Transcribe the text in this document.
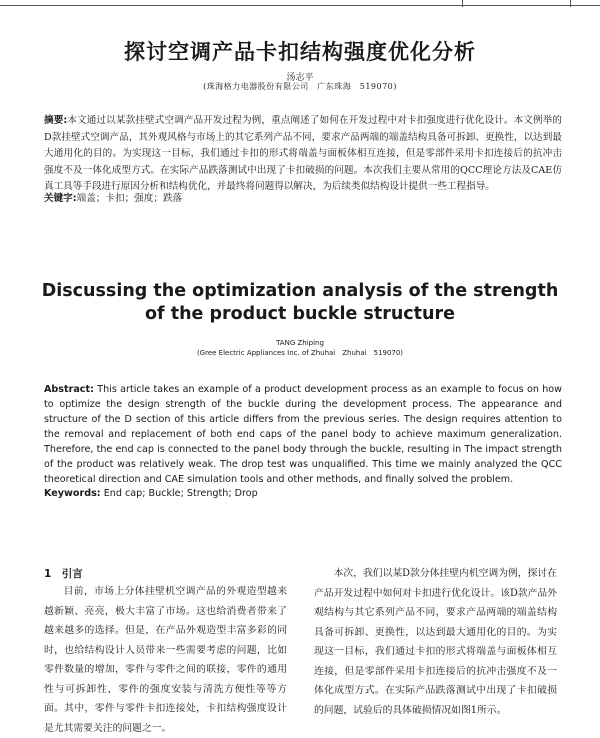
探讨空调产品卡扣结构强度优化分析
汤志平
(珠海格力电器股份有限公司　广东珠海　519070)
摘要:本文通过以某款挂壁式空调产品开发过程为例，重点阐述了如何在开发过程中对卡扣强度进行优化设计。本文例举的D款挂壁式空调产品，其外观风格与市场上的其它系列产品不同，要求产品两端的端盖结构具备可拆卸、更换性，以达到最大通用化的目的。为实现这一目标，我们通过卡扣的形式将端盖与面板体相互连接，但是零部件采用卡扣连接后的抗冲击强度不及一体化成型方式。在实际产品跌落测试中出现了卡扣破损的问题。本次我们主要从常用的QCC理论方法及CAE仿真工具等手段进行原因分析和结构优化，并最终将问题得以解决，为后续类似结构设计提供一些工程指导。
关键字:端盖；卡扣；强度；跌落
Discussing the optimization analysis of the strength of the product buckle structure
TANG Zhiping
(Gree Electric Appliances Inc. of Zhuhai　Zhuhai　519070)
Abstract: This article takes an example of a product development process as an example to focus on how to optimize the design strength of the buckle during the development process. The appearance and structure of the D section of this article differs from the previous series. The design requires attention to the removal and replacement of both end caps of the panel body to achieve maximum generalization. Therefore, the end cap is connected to the panel body through the buckle, resulting in The impact strength of the product was relatively weak. The drop test was unqualified. This time we mainly analyzed the QCC theoretical direction and CAE simulation tools and other methods, and finally solved the problem.
Keywords: End cap; Buckle; Strength; Drop
1　引言

目前，市场上分体挂壁机空调产品的外观造型越来越新颖、亮亮，极大丰富了市场。这也给消费者带来了越来越多的选择。但是，在产品外观造型丰富多彩的同时，也给结构设计人员带来一些需要考虑的问题，比如零件数量的增加，零件与零件之间的联接，零件的通用性与可拆卸性，零件的强度安装与清洗方便性等等方面。其中，零件与零件卡扣连接处，卡扣结构强度设计是尤其需要关注的问题之一。

本次，我们以某D款分体挂壁内机空调为例，探讨在产品开发过程中如何对卡扣进行优化设计。该D款产品外观结构与其它系列产品不同，要求产品两端的端盖结构具备可拆卸、更换性，以达到最大通用化的目的。为实现这一目标，我们通过卡扣的形式将端盖与面板体相互连接，但是零部件采用卡扣连接后的抗冲击强度不及一体化成型方式。在实际产品跌落测试中出现了卡扣破损的问题，试验后的具体破损情况如图1所示。
